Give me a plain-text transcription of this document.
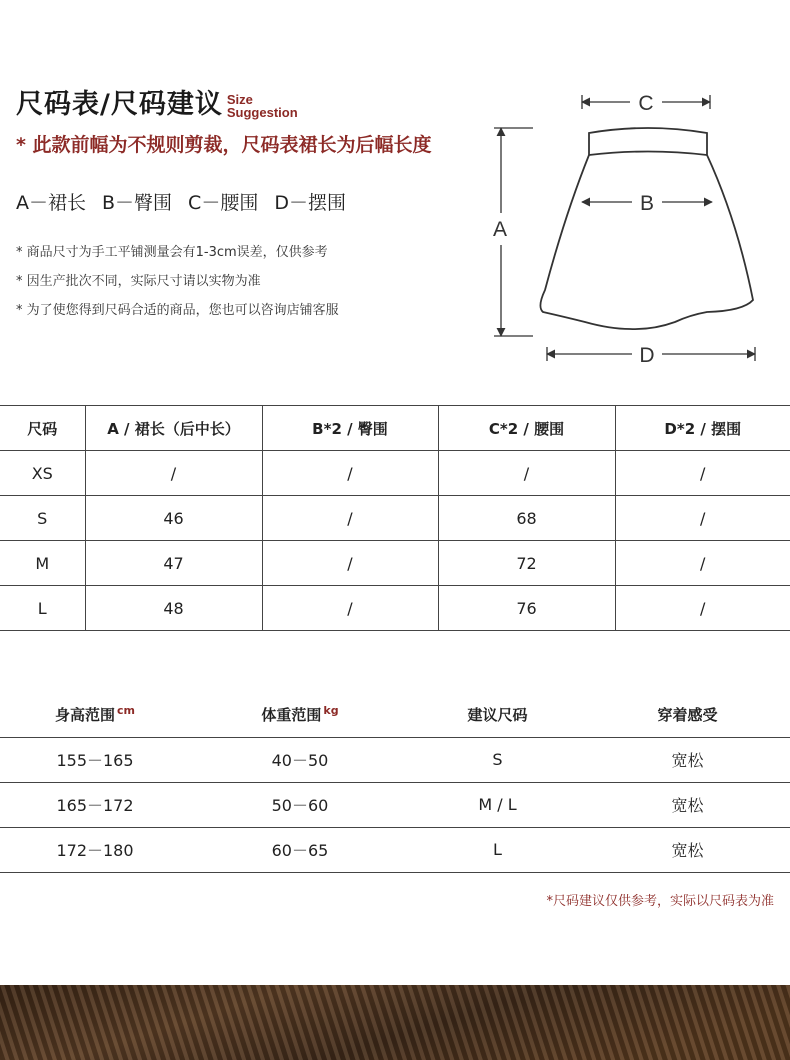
尺码表/尺码建议 Size
Suggestion
* 此款前幅为不规则剪裁，尺码表裙长为后幅长度
A－裙长 B－臀围 C－腰围 D－摆围
* 商品尺寸为手工平铺测量会有1-3cm误差，仅供参考
* 因生产批次不同，实际尺寸请以实物为准
* 为了使您得到尺码合适的商品，您也可以咨询店铺客服
C
B
A
D
尺码	A / 裙长（后中长）	B*2 / 臀围	C*2 / 腰围	D*2 / 摆围
XS	/	/	/	/
S	46	/	68	/
M	47	/	72	/
L	48	/	76	/
身高范围 $^{cm}$	体重范围 $^{kg}$	建议尺码	穿着感受
155－165	40－50	S	宽松
165－172	50－60	M / L	宽松
172－180	60－65	L	宽松
*尺码建议仅供参考，实际以尺码表为准
